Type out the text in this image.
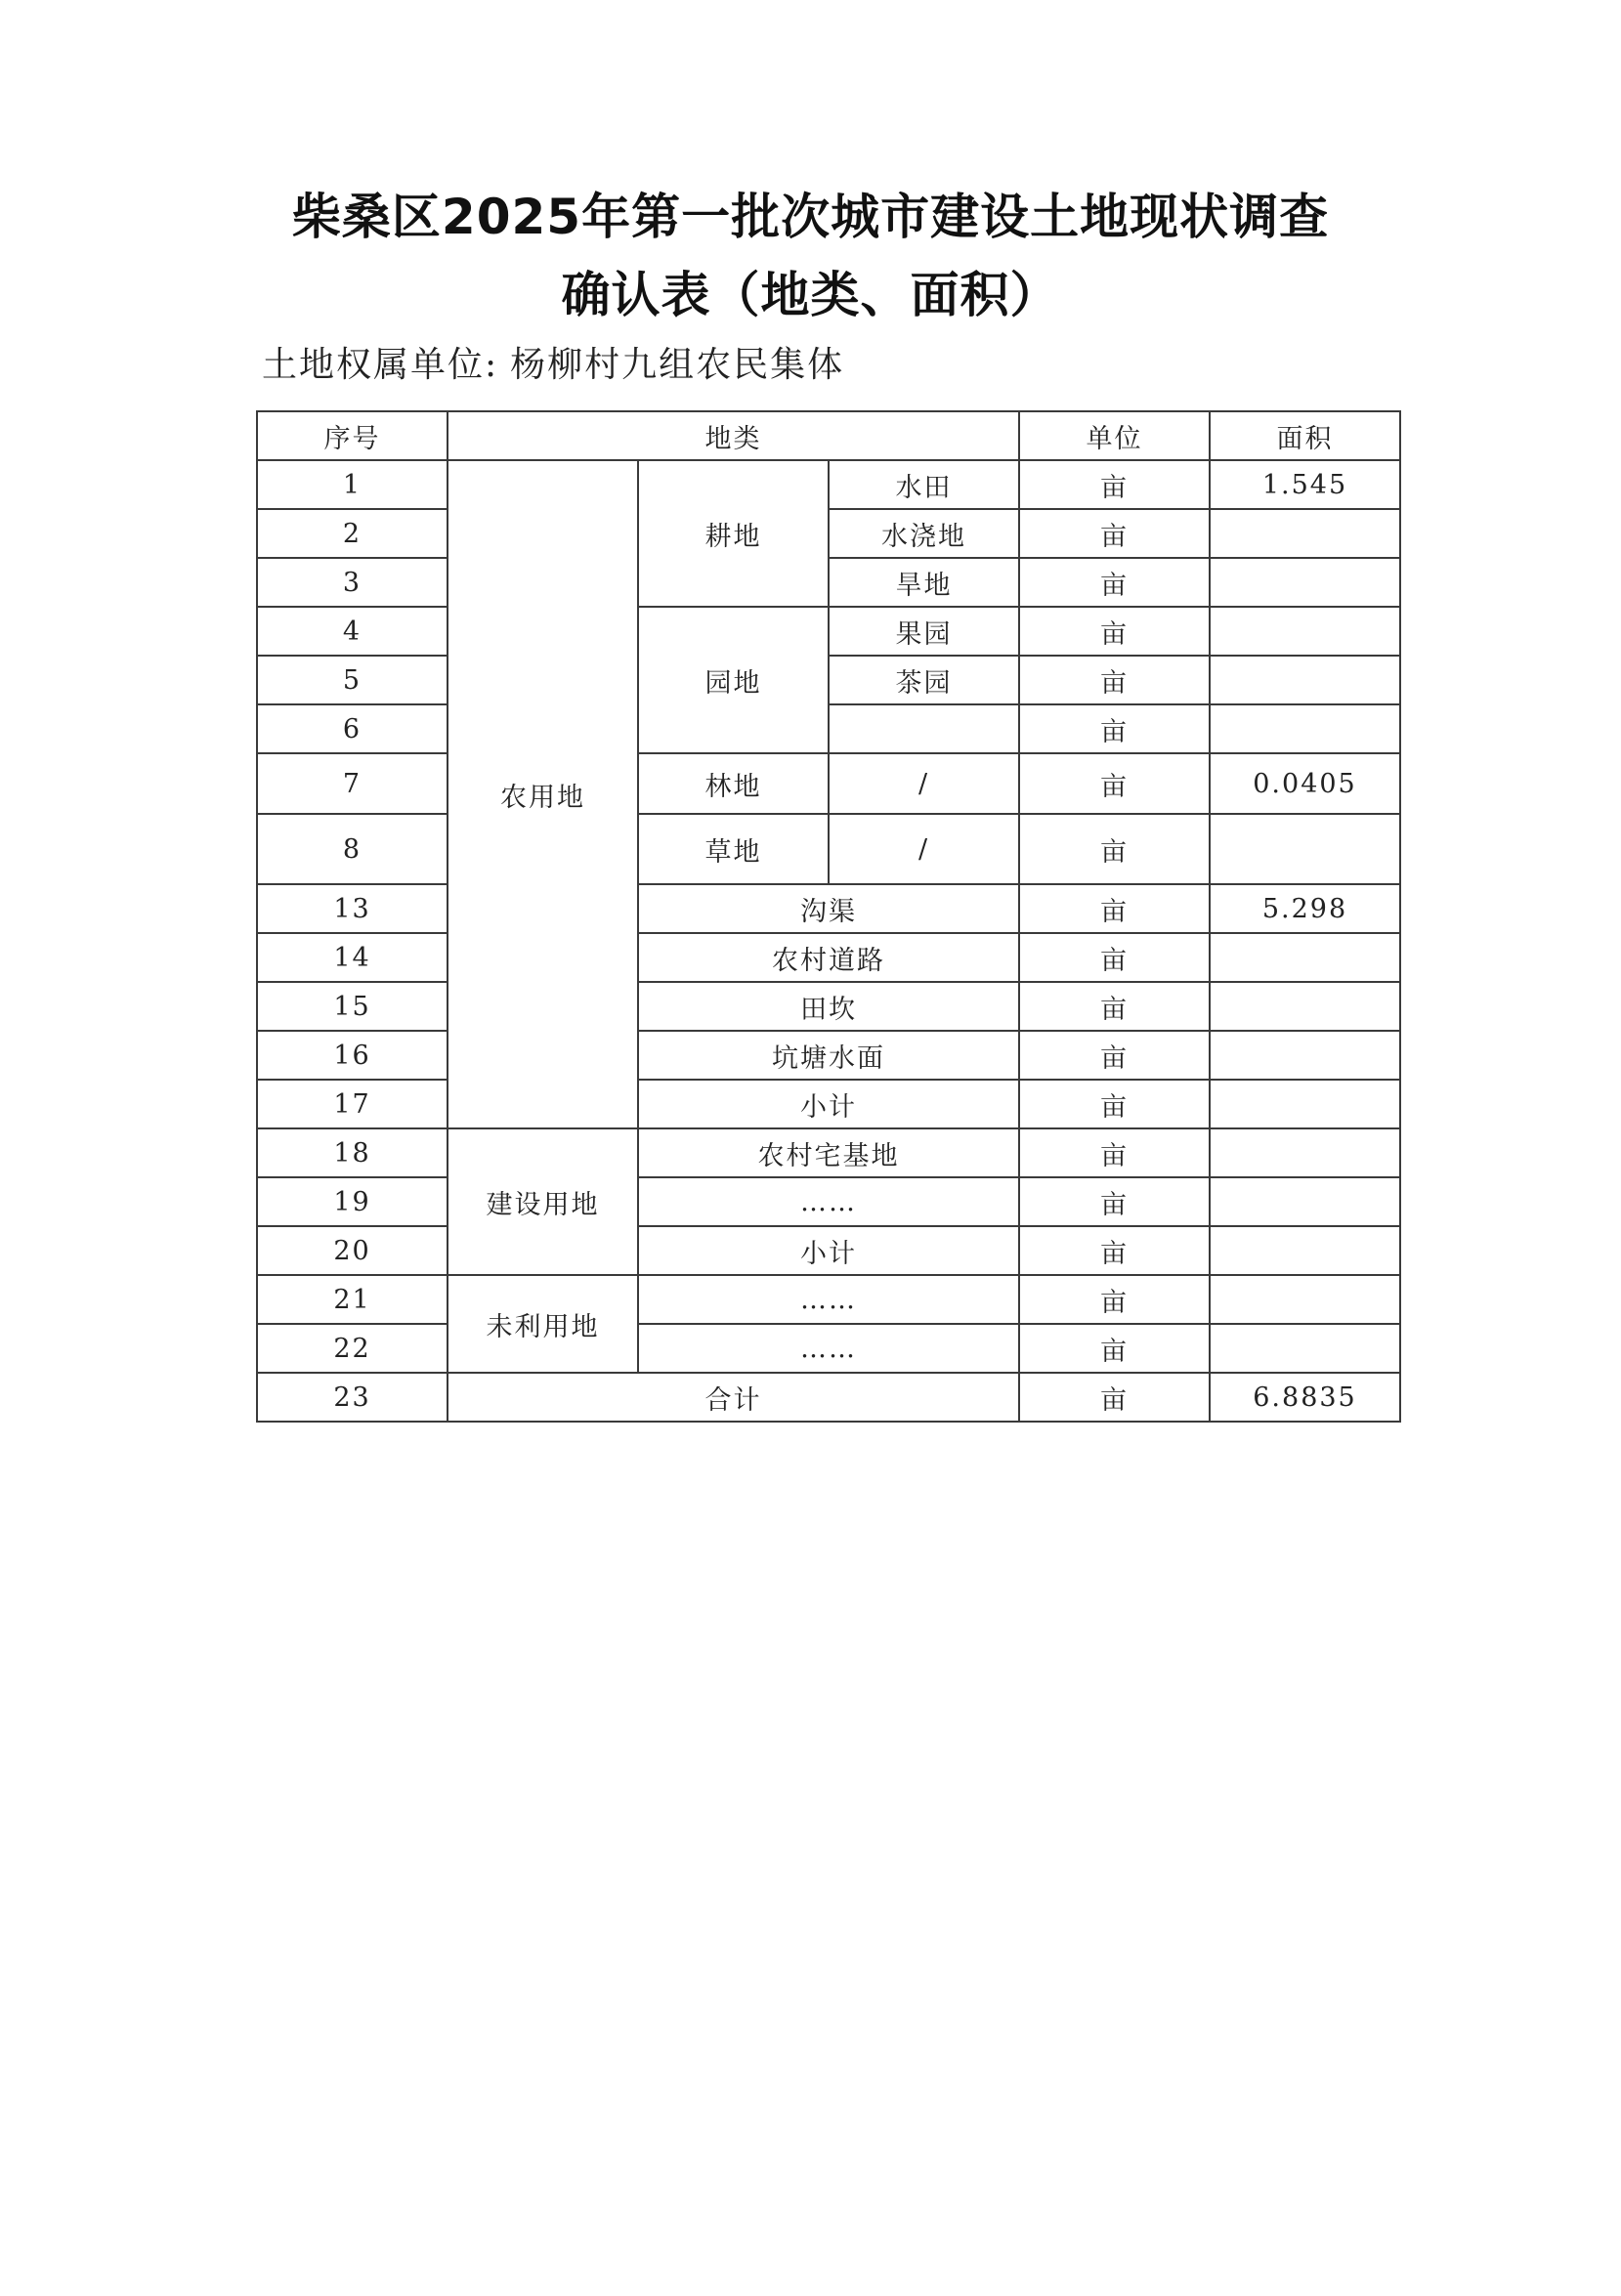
柴桑区2025年第一批次城市建设土地现状调查
确认表（地类、面积）
土地权属单位: 杨柳村九组农民集体
序号	地类			单位	面积
1	农用地	耕地	水田	亩	1.545
2			水浇地	亩	
3			旱地	亩	
4		园地	果园	亩	
5			茶园	亩	
6				亩	
7		林地	/	亩	0.0405
8		草地	/	亩	
13		沟渠		亩	5.298
14		农村道路		亩	
15		田坎		亩	
16		坑塘水面		亩	
17		小计		亩	
18	建设用地	农村宅基地		亩	
19		……		亩	
20		小计		亩	
21	未利用地	……		亩	
22		……		亩	
23	合计			亩	6.8835
